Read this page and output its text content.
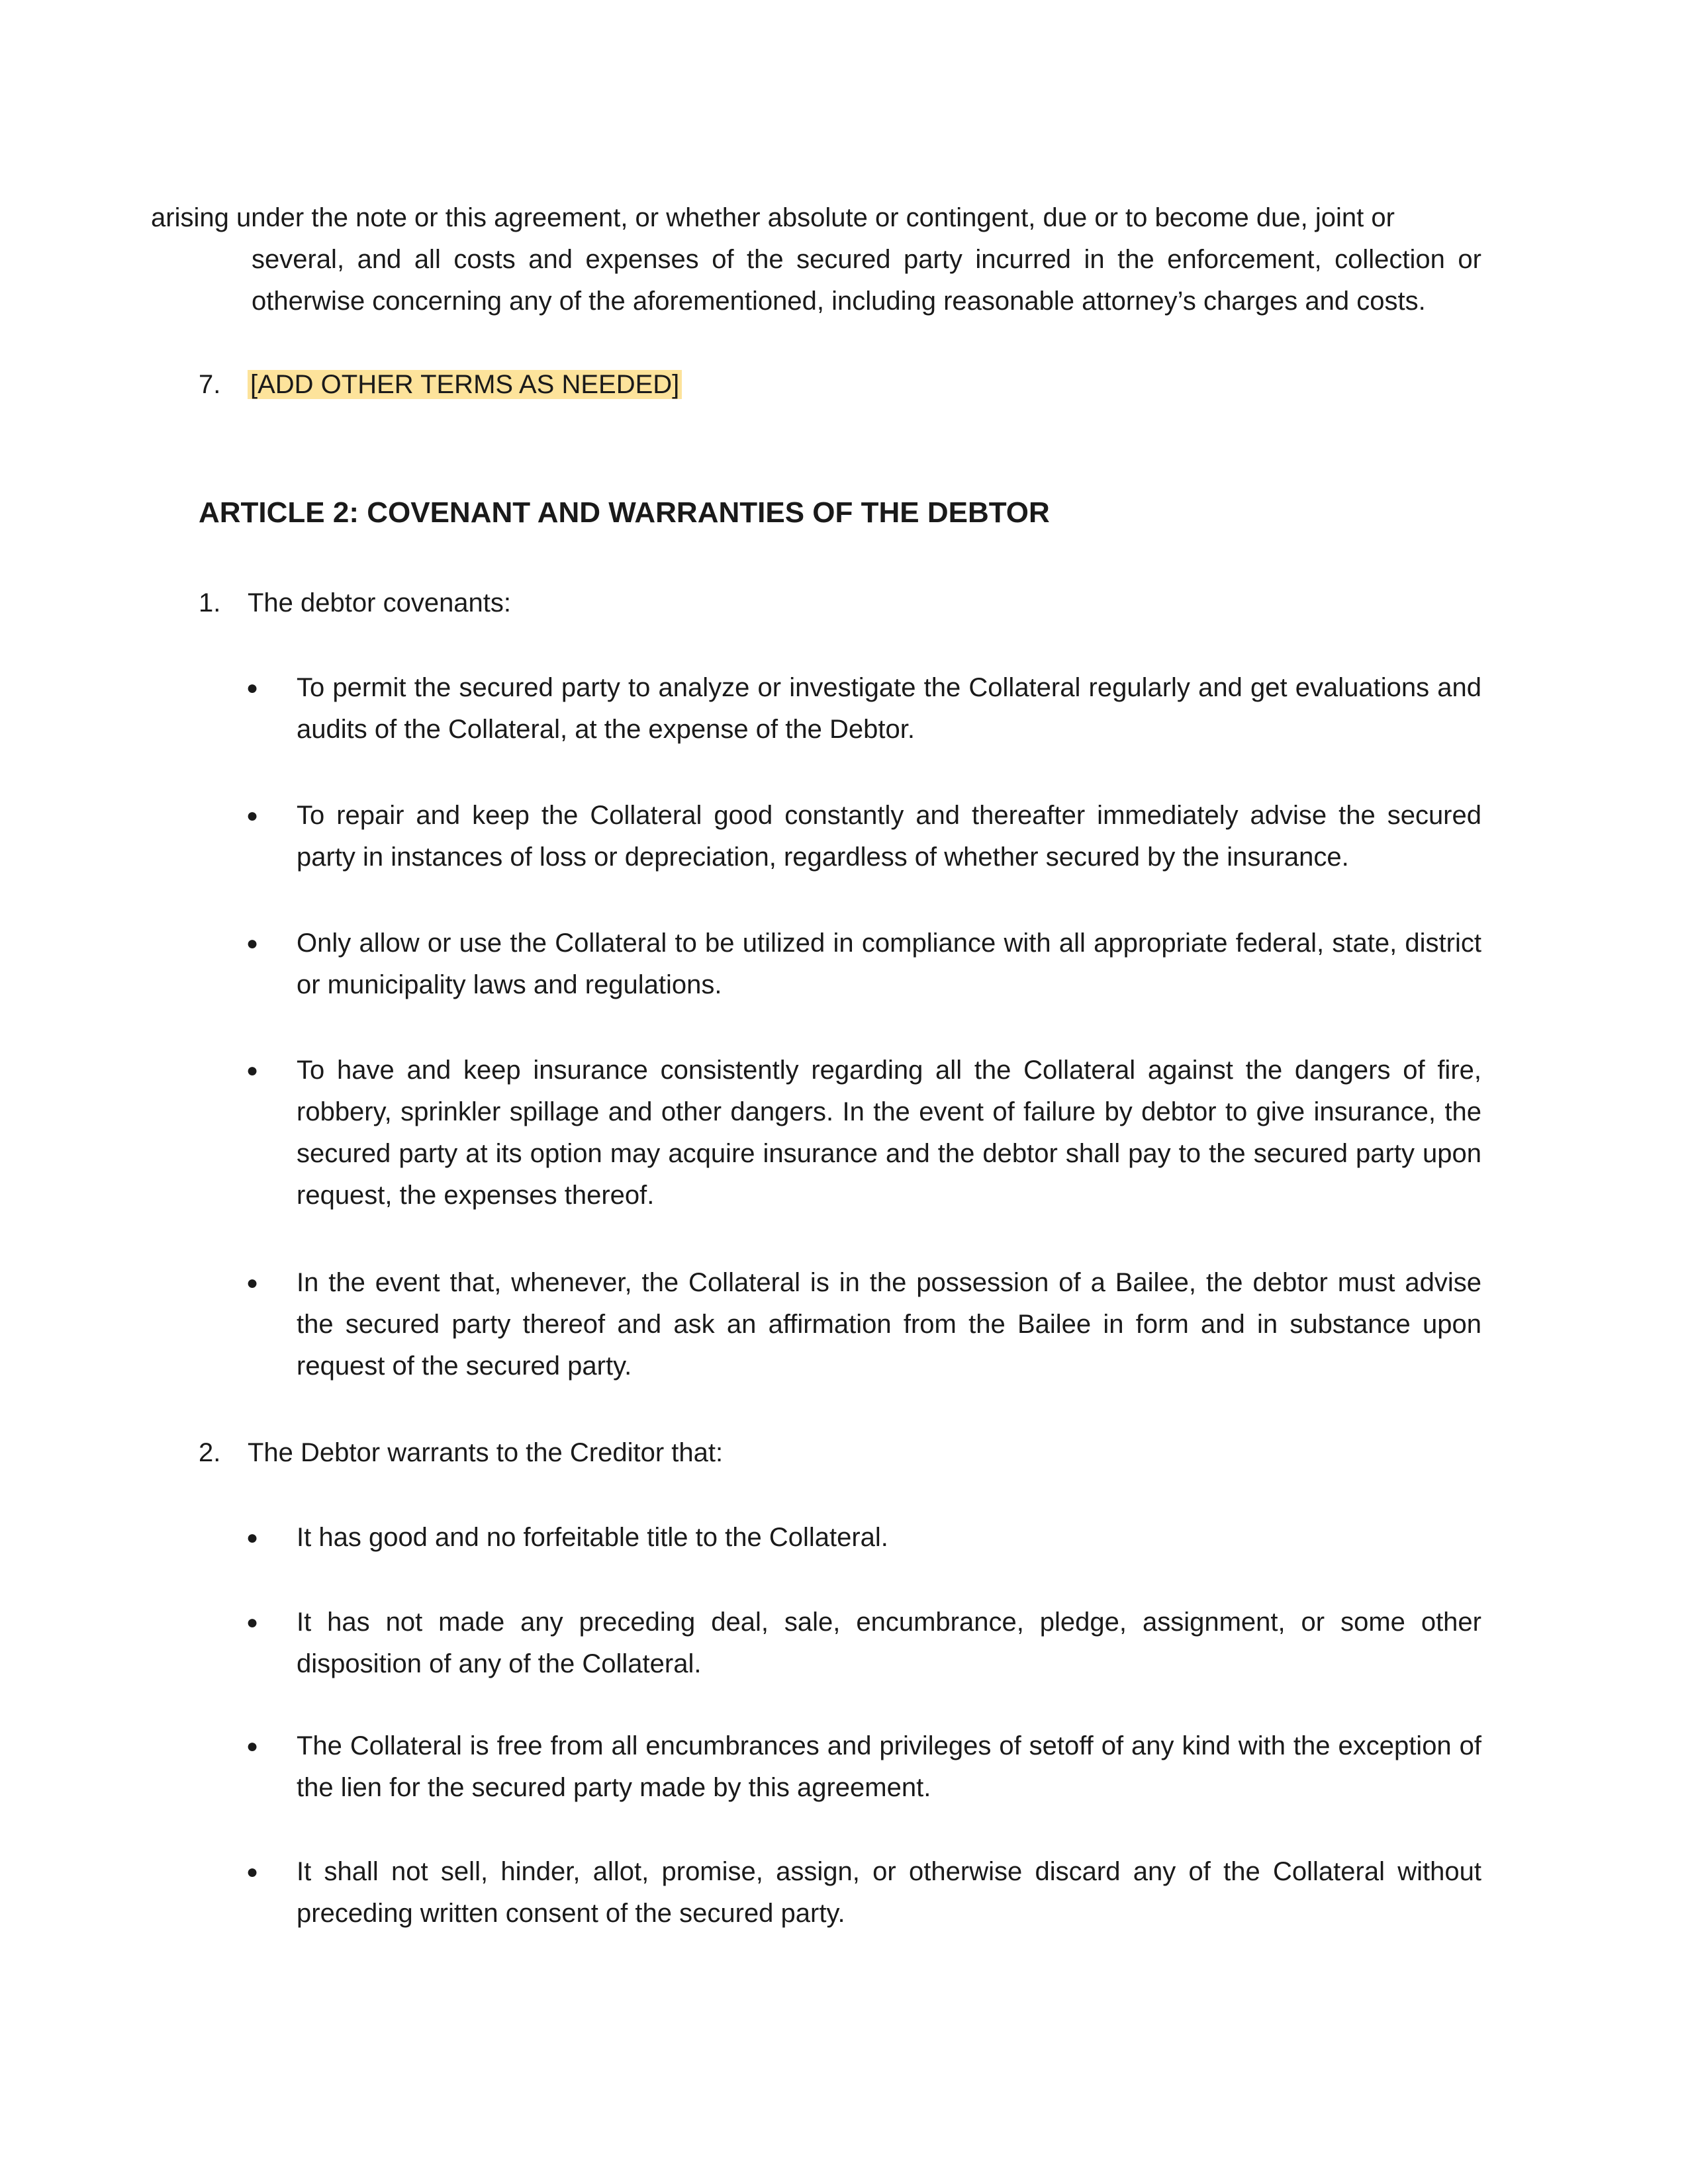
arising under the note or this agreement, or whether absolute or contingent, due or to become due, joint or
several, and all costs and expenses of the secured party incurred in the enforcement, collection or otherwise concerning any of the aforementioned, including reasonable attorney’s charges and costs.
7.	[ADD OTHER TERMS AS NEEDED]
ARTICLE 2: COVENANT AND WARRANTIES OF THE DEBTOR
1.	The debtor covenants:
● To permit the secured party to analyze or investigate the Collateral regularly and get evaluations and audits of the Collateral, at the expense of the Debtor.
● To repair and keep the Collateral good constantly and thereafter immediately advise the secured party in instances of loss or depreciation, regardless of whether secured by the insurance.
● Only allow or use the Collateral to be utilized in compliance with all appropriate federal, state, district or municipality laws and regulations.
● To have and keep insurance consistently regarding all the Collateral against the dangers of fire, robbery, sprinkler spillage and other dangers. In the event of failure by debtor to give insurance, the secured party at its option may acquire insurance and the debtor shall pay to the secured party upon request, the expenses thereof.
● In the event that, whenever, the Collateral is in the possession of a Bailee, the debtor must advise the secured party thereof and ask an affirmation from the Bailee in form and in substance upon request of the secured party.
2.	The Debtor warrants to the Creditor that:
● It has good and no forfeitable title to the Collateral.
● It has not made any preceding deal, sale, encumbrance, pledge, assignment, or some other disposition of any of the Collateral.
● The Collateral is free from all encumbrances and privileges of setoff of any kind with the exception of the lien for the secured party made by this agreement.
● It shall not sell, hinder, allot, promise, assign, or otherwise discard any of the Collateral without preceding written consent of the secured party.
